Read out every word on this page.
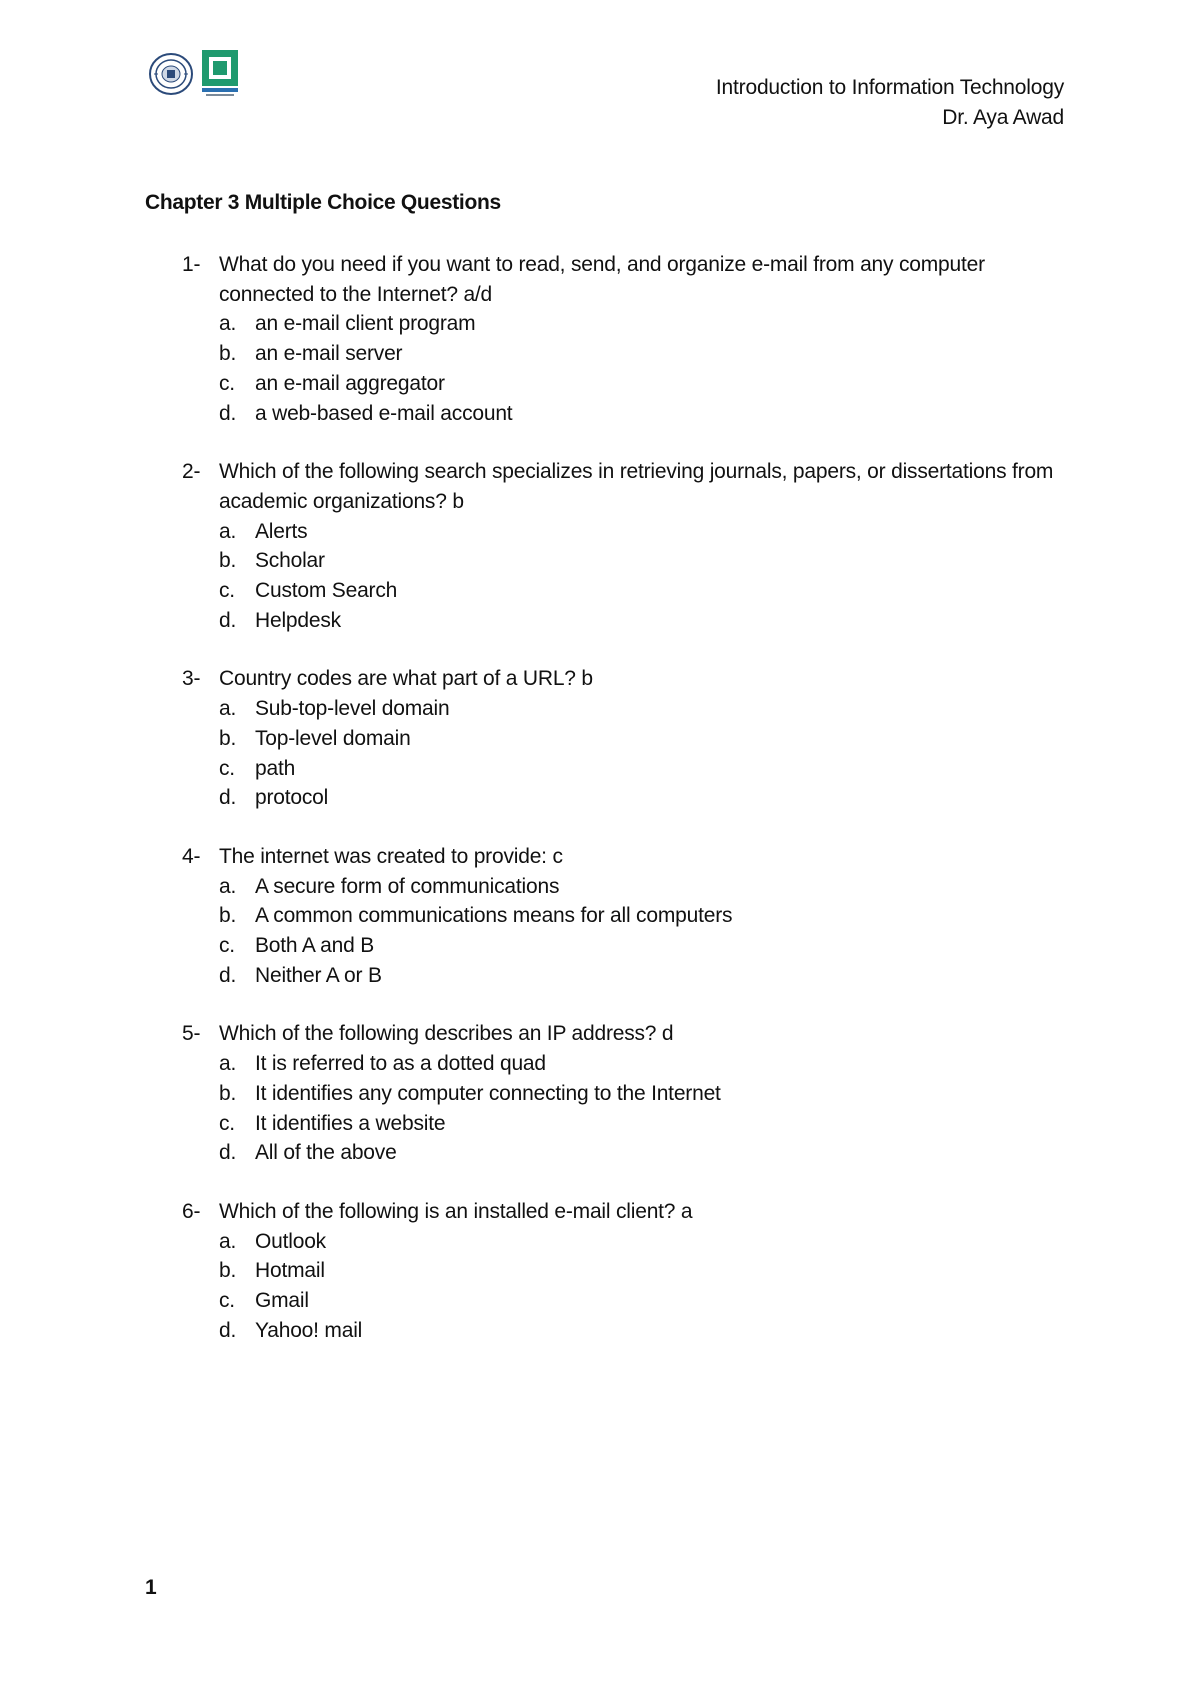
Introduction to Information Technology
Dr. Aya Awad
Chapter 3 Multiple Choice Questions
1- What do you need if you want to read, send, and organize e-mail from any computer connected to the Internet? a/d
a. an e-mail client program
b. an e-mail server
c. an e-mail aggregator
d. a web-based e-mail account
2- Which of the following search specializes in retrieving journals, papers, or dissertations from academic organizations? b
a. Alerts
b. Scholar
c. Custom Search
d. Helpdesk
3- Country codes are what part of a URL? b
a. Sub-top-level domain
b. Top-level domain
c. path
d. protocol
4- The internet was created to provide: c
a. A secure form of communications
b. A common communications means for all computers
c. Both A and B
d. Neither A or B
5- Which of the following describes an IP address? d
a. It is referred to as a dotted quad
b. It identifies any computer connecting to the Internet
c. It identifies a website
d. All of the above
6- Which of the following is an installed e-mail client? a
a. Outlook
b. Hotmail
c. Gmail
d. Yahoo! mail
1
